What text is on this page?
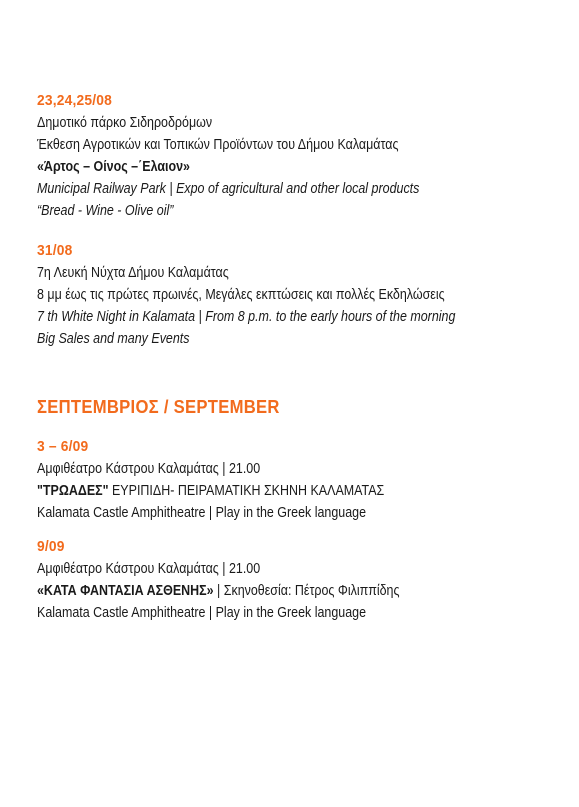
23,24,25/08
Δημοτικό πάρκο Σιδηροδρόμων
Έκθεση Αγροτικών και Τοπικών Προϊόντων του Δήμου Καλαμάτας
«Άρτος – Οίνος –΄Ελαιον»
Municipal Railway Park | Expo of agricultural and other local products
“Bread - Wine - Olive oil”
31/08
7η Λευκή Νύχτα Δήμου Καλαμάτας
8 μμ έως τις πρώτες πρωινές, Μεγάλες εκπτώσεις και πολλές Εκδηλώσεις
7 th White Night in Kalamata | From 8 p.m. to the early hours of the morning
Big Sales and many Events
ΣΕΠΤΕΜΒΡΙΟΣ / SEPTEMBER
3 – 6/09
Αμφιθέατρο Κάστρου Καλαμάτας | 21.00
"ΤΡΩΑΔΕΣ" ΕΥΡΙΠΙΔΗ- ΠΕΙΡΑΜΑΤΙΚΗ ΣΚΗΝΗ ΚΑΛΑΜΑΤΑΣ
Kalamata Castle Amphitheatre | Play in the Greek language
9/09
Αμφιθέατρο Κάστρου Καλαμάτας | 21.00
«ΚΑΤΑ ΦΑΝΤΑΣΙΑ ΑΣΘΕΝΗΣ» | Σκηνοθεσία: Πέτρος Φιλιππίδης
Kalamata Castle Amphitheatre | Play in the Greek language
